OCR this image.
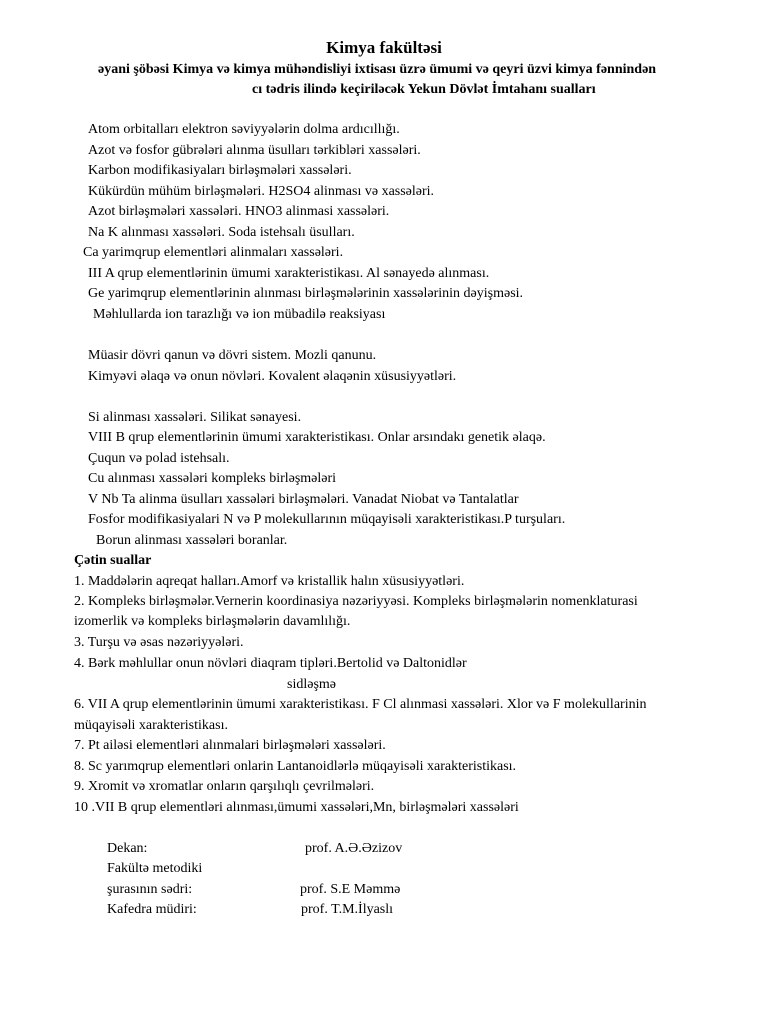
Kimya fakültəsi
əyani şöbəsi Kimya və kimya mühəndisliyi ixtisası üzrə ümumi və qeyri üzvi kimya fənnindən
cı tədris ilində keçiriləcək Yekun Dövlət İmtahanı sualları
Atom orbitalları elektron səviyyələrin dolma ardıcıllığı.
Azot və fosfor gübrələri alınma üsulları tərkibləri xassələri.
Karbon modifikasiyaları birləşmələri xassələri.
Kükürdün mühüm birləşmələri. H2SO4 alinması və xassələri.
Azot birləşmələri xassələri. HNO3 alinmasi xassələri.
Na K alınması xassələri. Soda istehsalı üsulları.
Ca yarimqrup elementləri alinmaları xassələri.
III A qrup elementlərinin ümumi xarakteristikası. Al sənayedə alınması.
Ge yarimqrup elementlərinin alınması birləşmələrinin xassələrinin dəyişməsi.
Məhlullarda ion tarazlığı və ion mübadilə reaksiyası
Müasir dövri qanun və dövri sistem. Mozli qanunu.
Kimyəvi əlaqə və onun növləri. Kovalent əlaqənin xüsusiyyətləri.
Si alinması xassələri. Silikat sənayesi.
VIII B qrup elementlərinin ümumi xarakteristikası. Onlar arsındakı genetik əlaqə.
Çuqun və polad istehsalı.
Cu alınması xassələri kompleks birləşmələri
V Nb Ta alinma üsulları xassələri birləşmələri. Vanadat Niobat və Tantalatlar
Fosfor modifikasiyalari N və P molekullarının müqayisəli xarakteristikası.P turşuları.
Borun alinması xassələri boranlar.
Çətin suallar
1. Maddələrin aqreqat halları.Amorf və kristallik halın xüsusiyyətləri.
2. Kompleks birləşmələr.Vernerin koordinasiya nəzəriyyəsi. Kompleks birləşmələrin nomenklaturasi
izomerlik və kompleks birləşmələrin davamlılığı.
3. Turşu və əsas nəzəriyyələri.
4. Bərk məhlullar onun növləri diaqram tipləri.Bertolid və Daltonidlər
sidləşmə
6. VII A qrup elementlərinin ümumi xarakteristikası. F Cl alınmasi xassələri. Xlor və F molekullarinin
müqayisəli xarakteristikası.
7. Pt ailəsi elementləri alınmalari birləşmələri xassələri.
8. Sc yarımqrup elementləri onlarin Lantanoidlərlə müqayisəli xarakteristikası.
9. Xromit və xromatlar onların qarşılıqlı çevrilmələri.
10 .VII B qrup elementləri alınması,ümumi xassələri,Mn, birləşmələri xassələri
Dekan:	prof. A.Ə.Əzizov
Fakültə metodiki
şurasının sədri:	prof. S.E Məmmə
Kafedra müdiri:	prof. T.M.İlyaslı
